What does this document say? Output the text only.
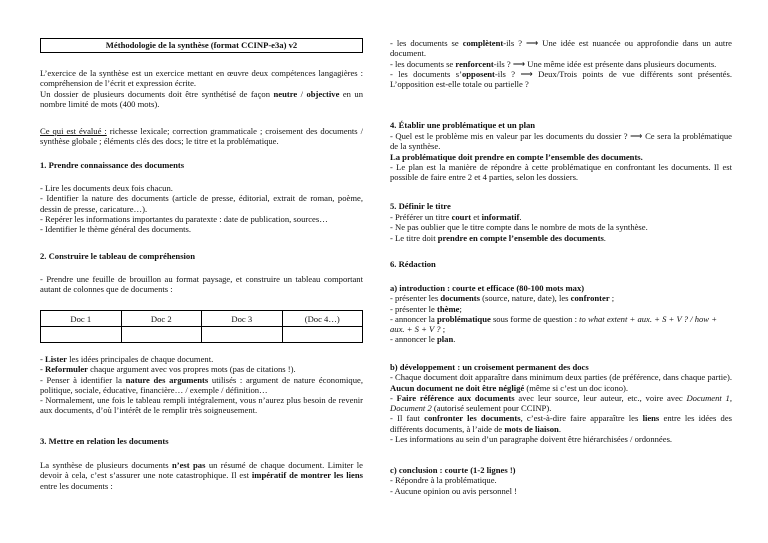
Méthodologie de la synthèse (format CCINP-e3a) v2

L’exercice de la synthèse est un exercice mettant en œuvre deux compétences langagières : compréhension de l’écrit et expression écrite.

Un dossier de plusieurs documents doit être synthétisé de façon neutre / objective en un nombre limité de mots (400 mots).

Ce qui est évalué : richesse lexicale; correction grammaticale ; croisement des documents / synthèse globale ; éléments clés des docs; le titre et la problématique.

1. Prendre connaissance des documents

- Lire les documents deux fois chacun.

- Identifier la nature des documents (article de presse, éditorial, extrait de roman, poème, dessin de presse, caricature…).

- Repérer les informations importantes du paratexte : date de publication, sources…

- Identifier le thème général des documents.

2. Construire le tableau de compréhension
- Prendre une feuille de brouillon au format paysage, et construire un tableau comportant autant de colonnes que de documents :

- Lister les idées principales de chaque document.

- Reformuler chaque argument avec vos propres mots (pas de citations !).

- Penser à identifier la nature des arguments utilisés : argument de nature économique, politique, sociale, éducative, financière… / exemple / définition…

- Normalement, une fois le tableau rempli intégralement, vous n’aurez plus besoin de revenir aux documents, d’où l’intérêt de le remplir très soigneusement.

3. Mettre en relation les documents

La synthèse de plusieurs documents n’est pas un résumé de chaque document. Limiter le devoir à cela, c’est s’assurer une note catastrophique. Il est impératif de montrer les liens entre les documents :

Doc 1	Doc 2	Doc 3	(Doc 4…)

- les documents se complètent-ils ? ⟶ Une idée est nuancée ou approfondie dans un autre document.

- les documents se renforcent-ils ? ⟶ Une même idée est présente dans plusieurs documents.

- les documents s’opposent-ils ? ⟶ Deux/Trois points de vue différents sont présentés. L’opposition est-elle totale ou partielle ?

4. Établir une problématique et un plan

- Quel est le problème mis en valeur par les documents du dossier ? ⟶ Ce sera la problématique de la synthèse.

La problématique doit prendre en compte l’ensemble des documents.

- Le plan est la manière de répondre à cette problématique en confrontant les documents. Il est possible de faire entre 2 et 4 parties, selon les dossiers.

5. Définir le titre

- Préférer un titre court et informatif.

- Ne pas oublier que le titre compte dans le nombre de mots de la synthèse.

- Le titre doit prendre en compte l’ensemble des documents.

6. Rédaction

a) introduction : courte et efficace (80-100 mots max)

- présenter les documents (source, nature, date), les confronter ;

- présenter le thème;

- annoncer la problématique sous forme de question : to what extent + aux. + S + V ? / how + aux. + S + V ? ;

- annoncer le plan.

b) développement : un croisement permanent des docs

- Chaque document doit apparaître dans minimum deux parties (de préférence, dans chaque partie). Aucun document ne doit être négligé (même si c’est un doc icono).

- Faire référence aux documents avec leur source, leur auteur, etc., voire avec Document 1, Document 2 (autorisé seulement pour CCINP).

- Il faut confronter les documents, c’est-à-dire faire apparaître les liens entre les idées des différents documents, à l’aide de mots de liaison.

- Les informations au sein d’un paragraphe doivent être hiérarchisées / ordonnées.

c) conclusion : courte (1-2 lignes !)

- Répondre à la problématique.

- Aucune opinion ou avis personnel !
